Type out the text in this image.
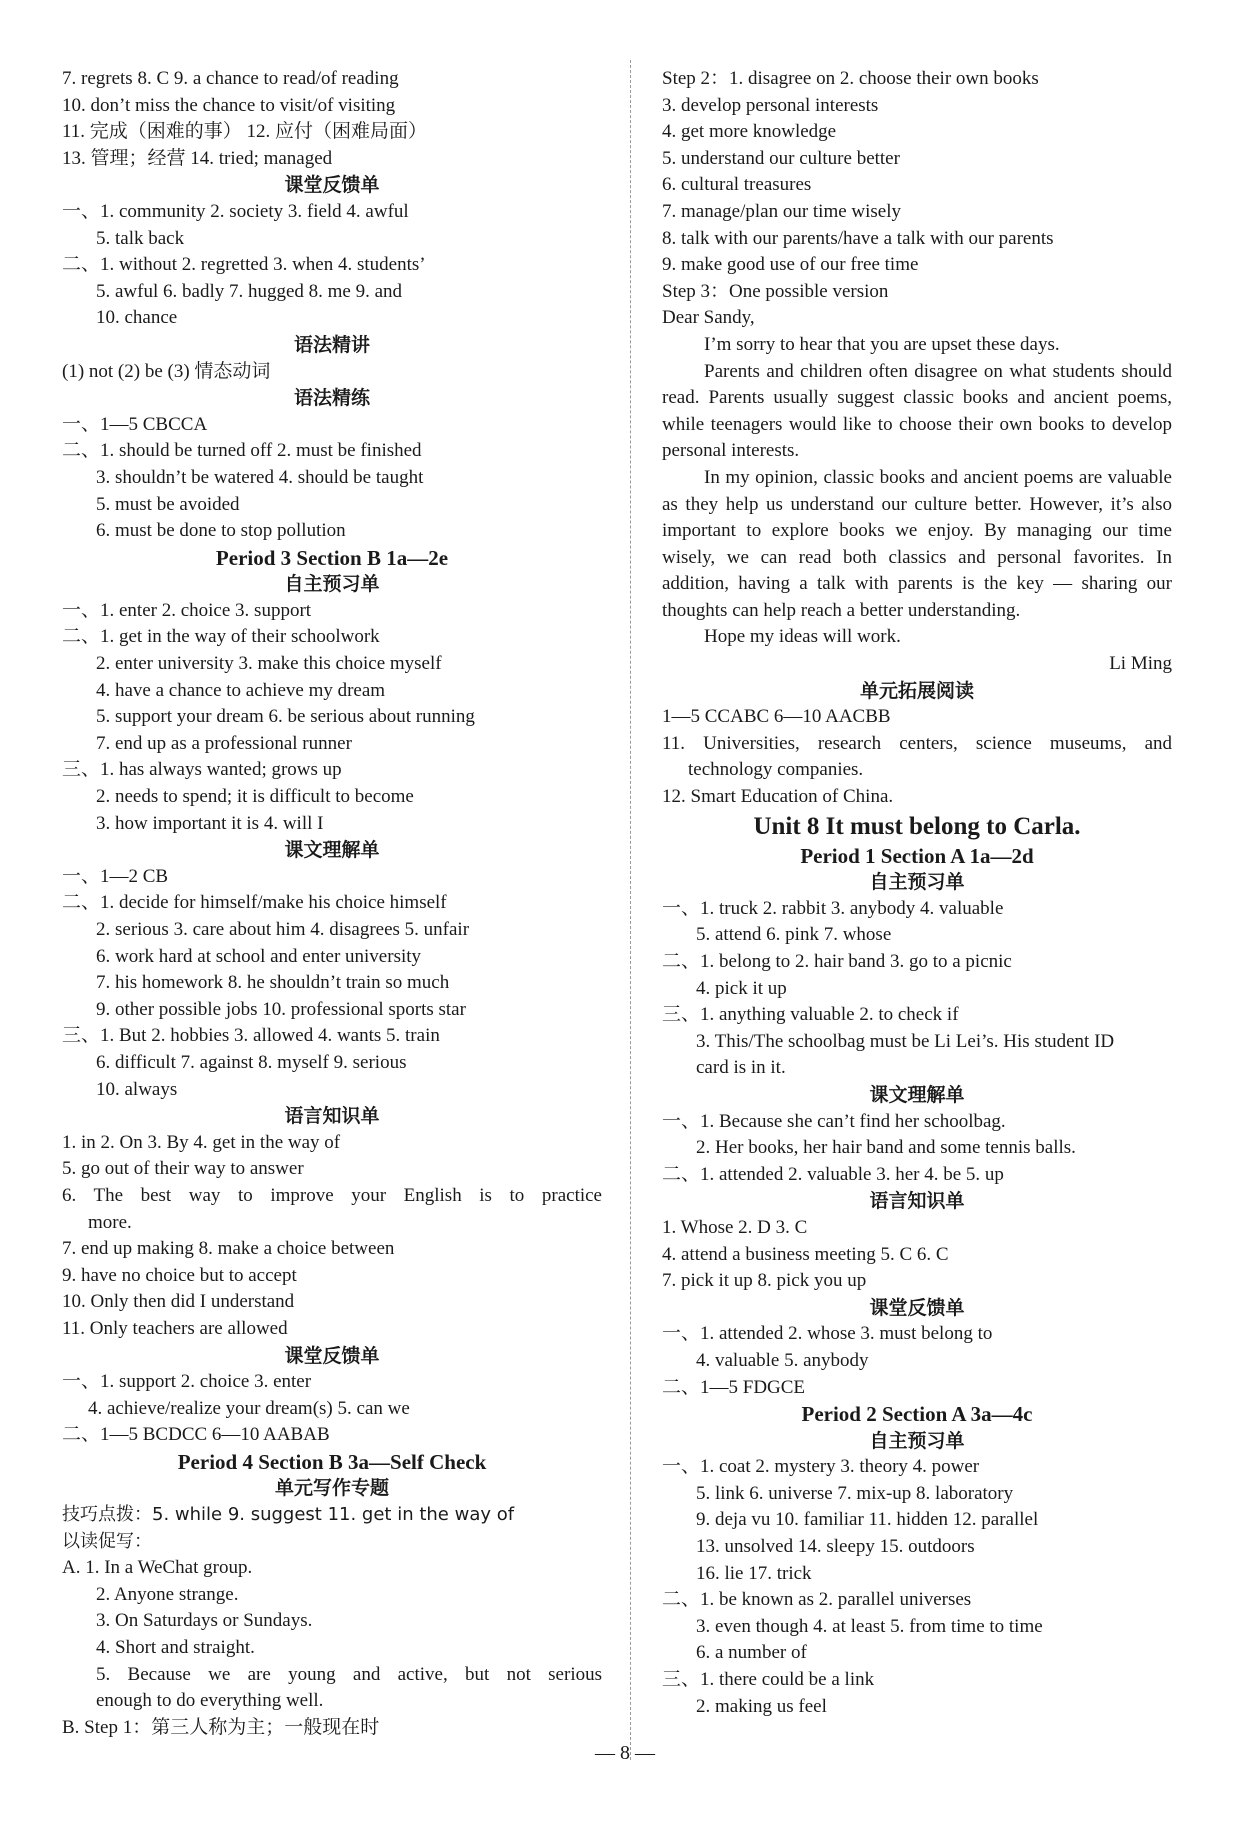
7. regrets 8. C 9. a chance to read/of reading
10. don’t miss the chance to visit/of visiting
11. 完成（困难的事） 12. 应付（困难局面）
13. 管理；经营 14. tried; managed
课堂反馈单
一、1. community 2. society 3. field 4. awful
5. talk back
二、1. without 2. regretted 3. when 4. students’
5. awful 6. badly 7. hugged 8. me 9. and
10. chance
语法精讲
(1) not (2) be (3) 情态动词
语法精练
一、1—5 CBCCA
二、1. should be turned off 2. must be finished
3. shouldn’t be watered 4. should be taught
5. must be avoided
6. must be done to stop pollution
Period 3 Section B 1a—2e
自主预习单
一、1. enter 2. choice 3. support
二、1. get in the way of their schoolwork
2. enter university 3. make this choice myself
4. have a chance to achieve my dream
5. support your dream 6. be serious about running
7. end up as a professional runner
三、1. has always wanted; grows up
2. needs to spend; it is difficult to become
3. how important it is 4. will I
课文理解单
一、1—2 CB
二、1. decide for himself/make his choice himself
2. serious 3. care about him 4. disagrees 5. unfair
6. work hard at school and enter university
7. his homework 8. he shouldn’t train so much
9. other possible jobs 10. professional sports star
三、1. But 2. hobbies 3. allowed 4. wants 5. train
6. difficult 7. against 8. myself 9. serious
10. always
语言知识单
1. in 2. On 3. By 4. get in the way of
5. go out of their way to answer
6. The best way to improve your English is to practice
more.
7. end up making 8. make a choice between
9. have no choice but to accept
10. Only then did I understand
11. Only teachers are allowed
课堂反馈单
一、1. support 2. choice 3. enter
4. achieve/realize your dream(s) 5. can we
二、1—5 BCDCC 6—10 AABAB
Period 4 Section B 3a—Self Check
单元写作专题
技巧点拨：5. while 9. suggest 11. get in the way of
以读促写：
A. 1. In a WeChat group.
2. Anyone strange.
3. On Saturdays or Sundays.
4. Short and straight.
5. Because we are young and active, but not serious
enough to do everything well.
B. Step 1：第三人称为主；一般现在时
Step 2：1. disagree on 2. choose their own books
3. develop personal interests
4. get more knowledge
5. understand our culture better
6. cultural treasures
7. manage/plan our time wisely
8. talk with our parents/have a talk with our parents
9. make good use of our free time
Step 3：One possible version
Dear Sandy,
I’m sorry to hear that you are upset these days.
Parents and children often disagree on what students should read. Parents usually suggest classic books and ancient poems, while teenagers would like to choose their own books to develop personal interests.
In my opinion, classic books and ancient poems are valuable as they help us understand our culture better. However, it’s also important to explore books we enjoy. By managing our time wisely, we can read both classics and personal favorites. In addition, having a talk with parents is the key — sharing our thoughts can help reach a better understanding.
Hope my ideas will work.
Li Ming
单元拓展阅读
1—5 CCABC 6—10 AACBB
11. Universities, research centers, science museums, and
technology companies.
12. Smart Education of China.
Unit 8 It must belong to Carla.
Period 1 Section A 1a—2d
自主预习单
一、1. truck 2. rabbit 3. anybody 4. valuable
5. attend 6. pink 7. whose
二、1. belong to 2. hair band 3. go to a picnic
4. pick it up
三、1. anything valuable 2. to check if
3. This/The schoolbag must be Li Lei’s. His student ID
card is in it.
课文理解单
一、1. Because she can’t find her schoolbag.
2. Her books, her hair band and some tennis balls.
二、1. attended 2. valuable 3. her 4. be 5. up
语言知识单
1. Whose 2. D 3. C
4. attend a business meeting 5. C 6. C
7. pick it up 8. pick you up
课堂反馈单
一、1. attended 2. whose 3. must belong to
4. valuable 5. anybody
二、1—5 FDGCE
Period 2 Section A 3a—4c
自主预习单
一、1. coat 2. mystery 3. theory 4. power
5. link 6. universe 7. mix-up 8. laboratory
9. deja vu 10. familiar 11. hidden 12. parallel
13. unsolved 14. sleepy 15. outdoors
16. lie 17. trick
二、1. be known as 2. parallel universes
3. even though 4. at least 5. from time to time
6. a number of
三、1. there could be a link
2. making us feel
— 8 —
